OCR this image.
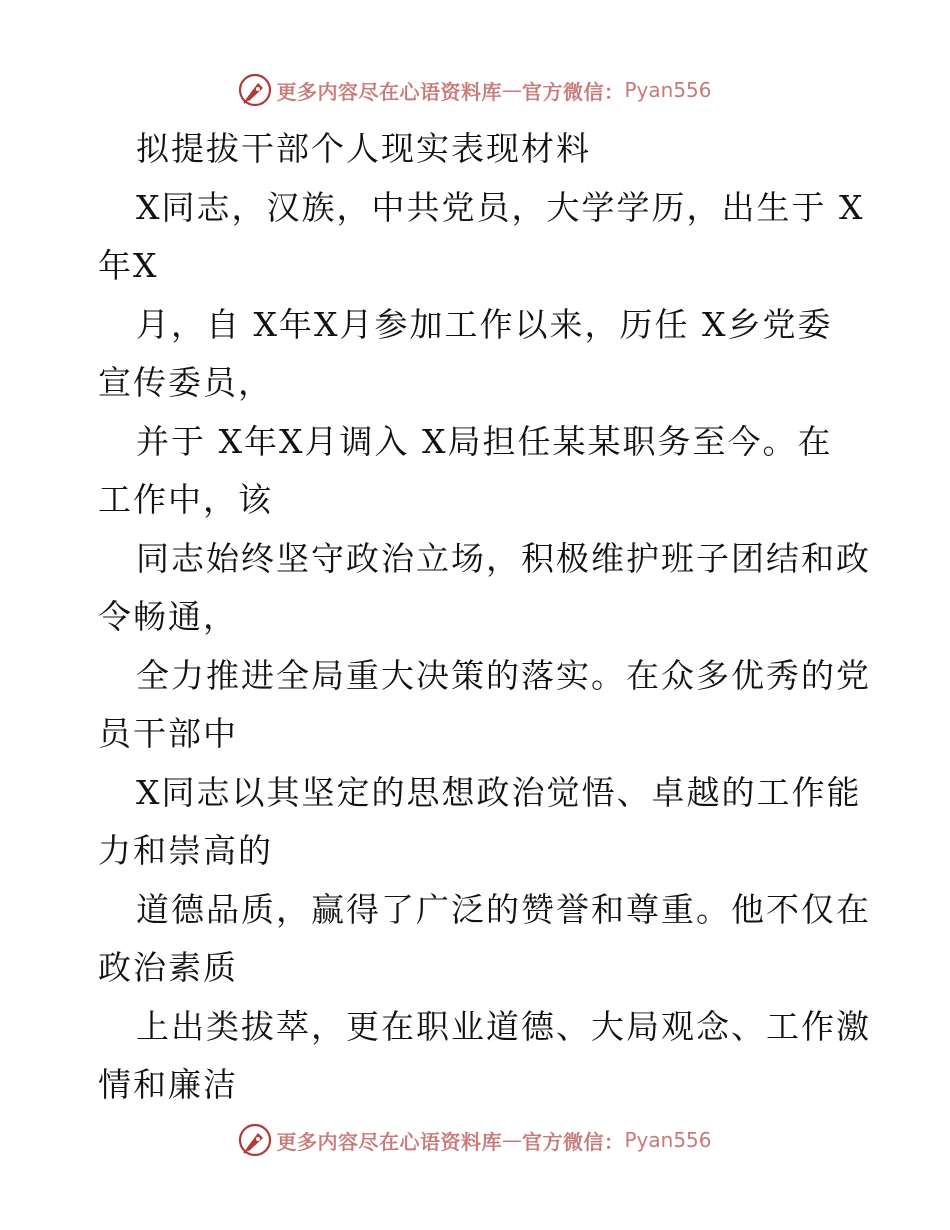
更多内容尽在心语资料库 — 官方微信： Pyan556

拟提拔干部个人现实表现材料

X同志，汉族，中共党员，大学学历，出生于 X
年X

月，自 X年X月参加工作以来，历任 X乡党委
宣传委员，

并于 X年X月调入 X局担任某某职务至今。在
工作中，该

同志始终坚守政治立场，积极维护班子团结和政
令畅通，

全力推进全局重大决策的落实。在众多优秀的党
员干部中

X同志以其坚定的思想政治觉悟、卓越的工作能
力和崇高的

道德品质，赢得了广泛的赞誉和尊重。他不仅在
政治素质

上出类拔萃，更在职业道德、大局观念、工作激
情和廉洁

更多内容尽在心语资料库 — 官方微信： Pyan556
